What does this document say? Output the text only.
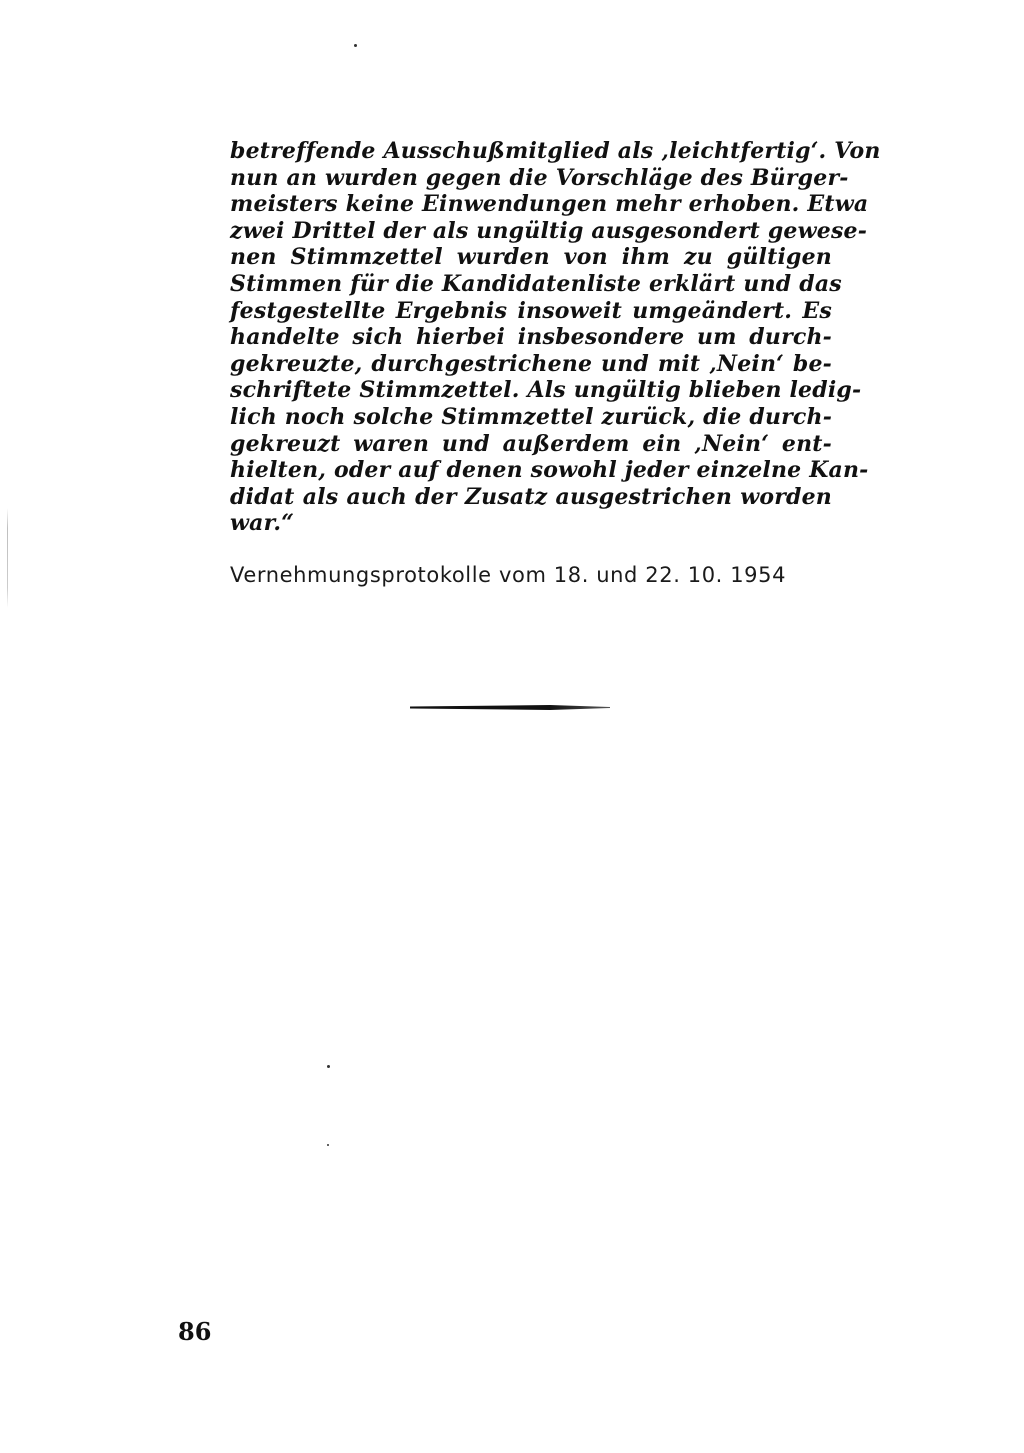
betreffende Ausschußmitglied als ‚leichtfertig‘. Von
nun an wurden gegen die Vorschläge des Bürger-
meisters keine Einwendungen mehr erhoben. Etwa
zwei Drittel der als ungültig ausgesondert gewese-
nen Stimmzettel wurden von ihm zu gültigen
Stimmen für die Kandidatenliste erklärt und das
festgestellte Ergebnis insoweit umgeändert. Es
handelte sich hierbei insbesondere um durch-
gekreuzte, durchgestrichene und mit ‚Nein‘ be-
schriftete Stimmzettel. Als ungültig blieben ledig-
lich noch solche Stimmzettel zurück, die durch-
gekreuzt waren und außerdem ein ‚Nein‘ ent-
hielten, oder auf denen sowohl jeder einzelne Kan-
didat als auch der Zusatz ausgestrichen worden
war.“
Vernehmungsprotokolle vom 18. und 22. 10. 1954
86
